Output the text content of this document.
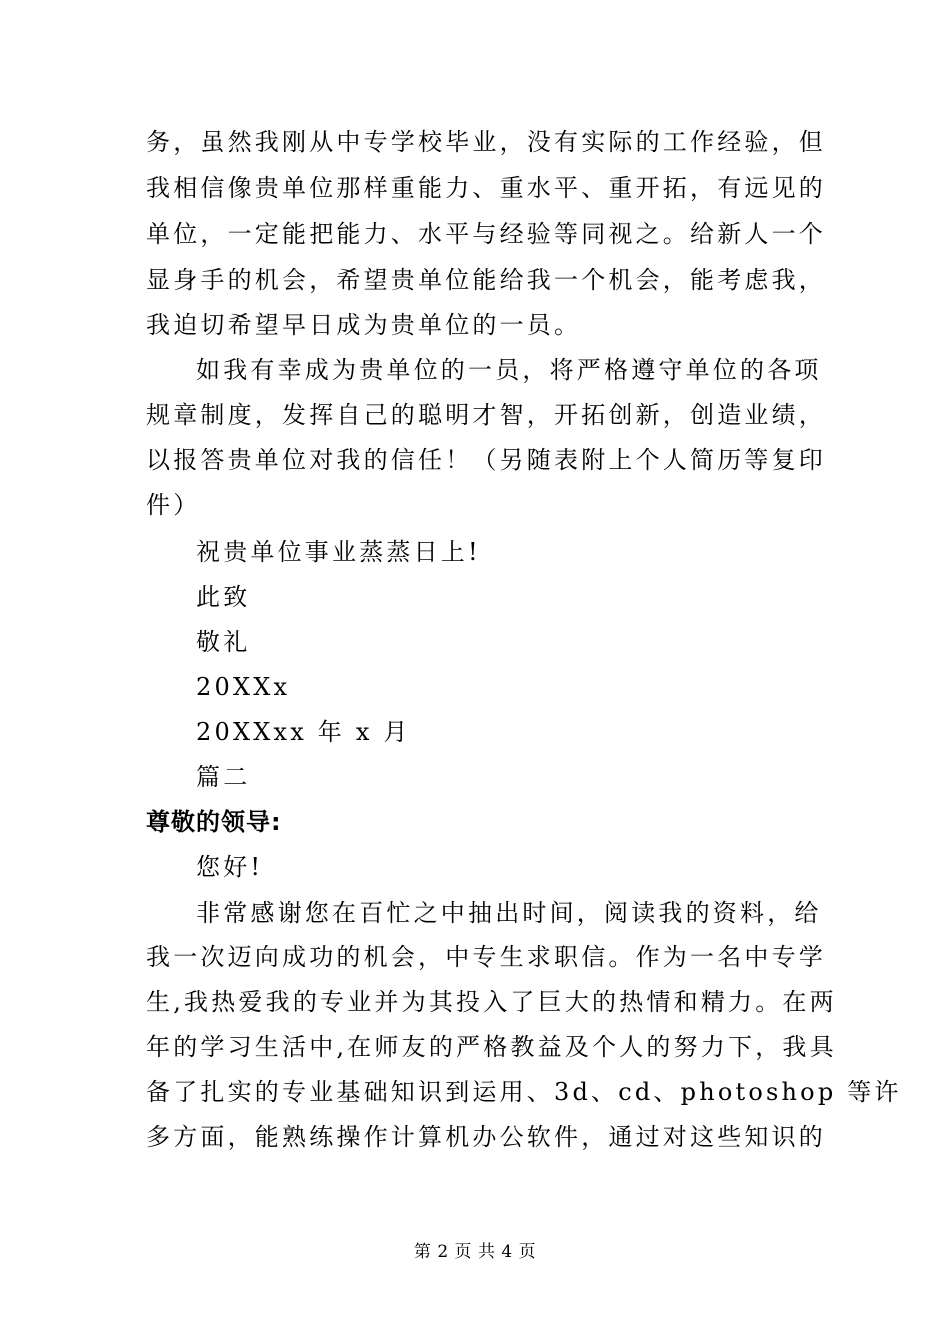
务，虽然我刚从中专学校毕业，没有实际的工作经验，但
我相信像贵单位那样重能力、重水平、重开拓，有远见的
单位，一定能把能力、水平与经验等同视之。给新人一个
显身手的机会，希望贵单位能给我一个机会，能考虑我，
我迫切希望早日成为贵单位的一员。
如我有幸成为贵单位的一员，将严格遵守单位的各项
规章制度，发挥自己的聪明才智，开拓创新，创造业绩，
以报答贵单位对我的信任！（另随表附上个人简历等复印
件）
祝贵单位事业蒸蒸日上!
此致
敬礼
20XXx
20XXxx 年 x 月
篇二
尊敬的领导:
您好!
非常感谢您在百忙之中抽出时间，阅读我的资料，给
我一次迈向成功的机会，中专生求职信。作为一名中专学
生,我热爱我的专业并为其投入了巨大的热情和精力。在两
年的学习生活中,在师友的严格教益及个人的努力下，我具
备了扎实的专业基础知识到运用、3d、cd、photoshop 等许
多方面，能熟练操作计算机办公软件，通过对这些知识的
第 2 页 共 4 页
